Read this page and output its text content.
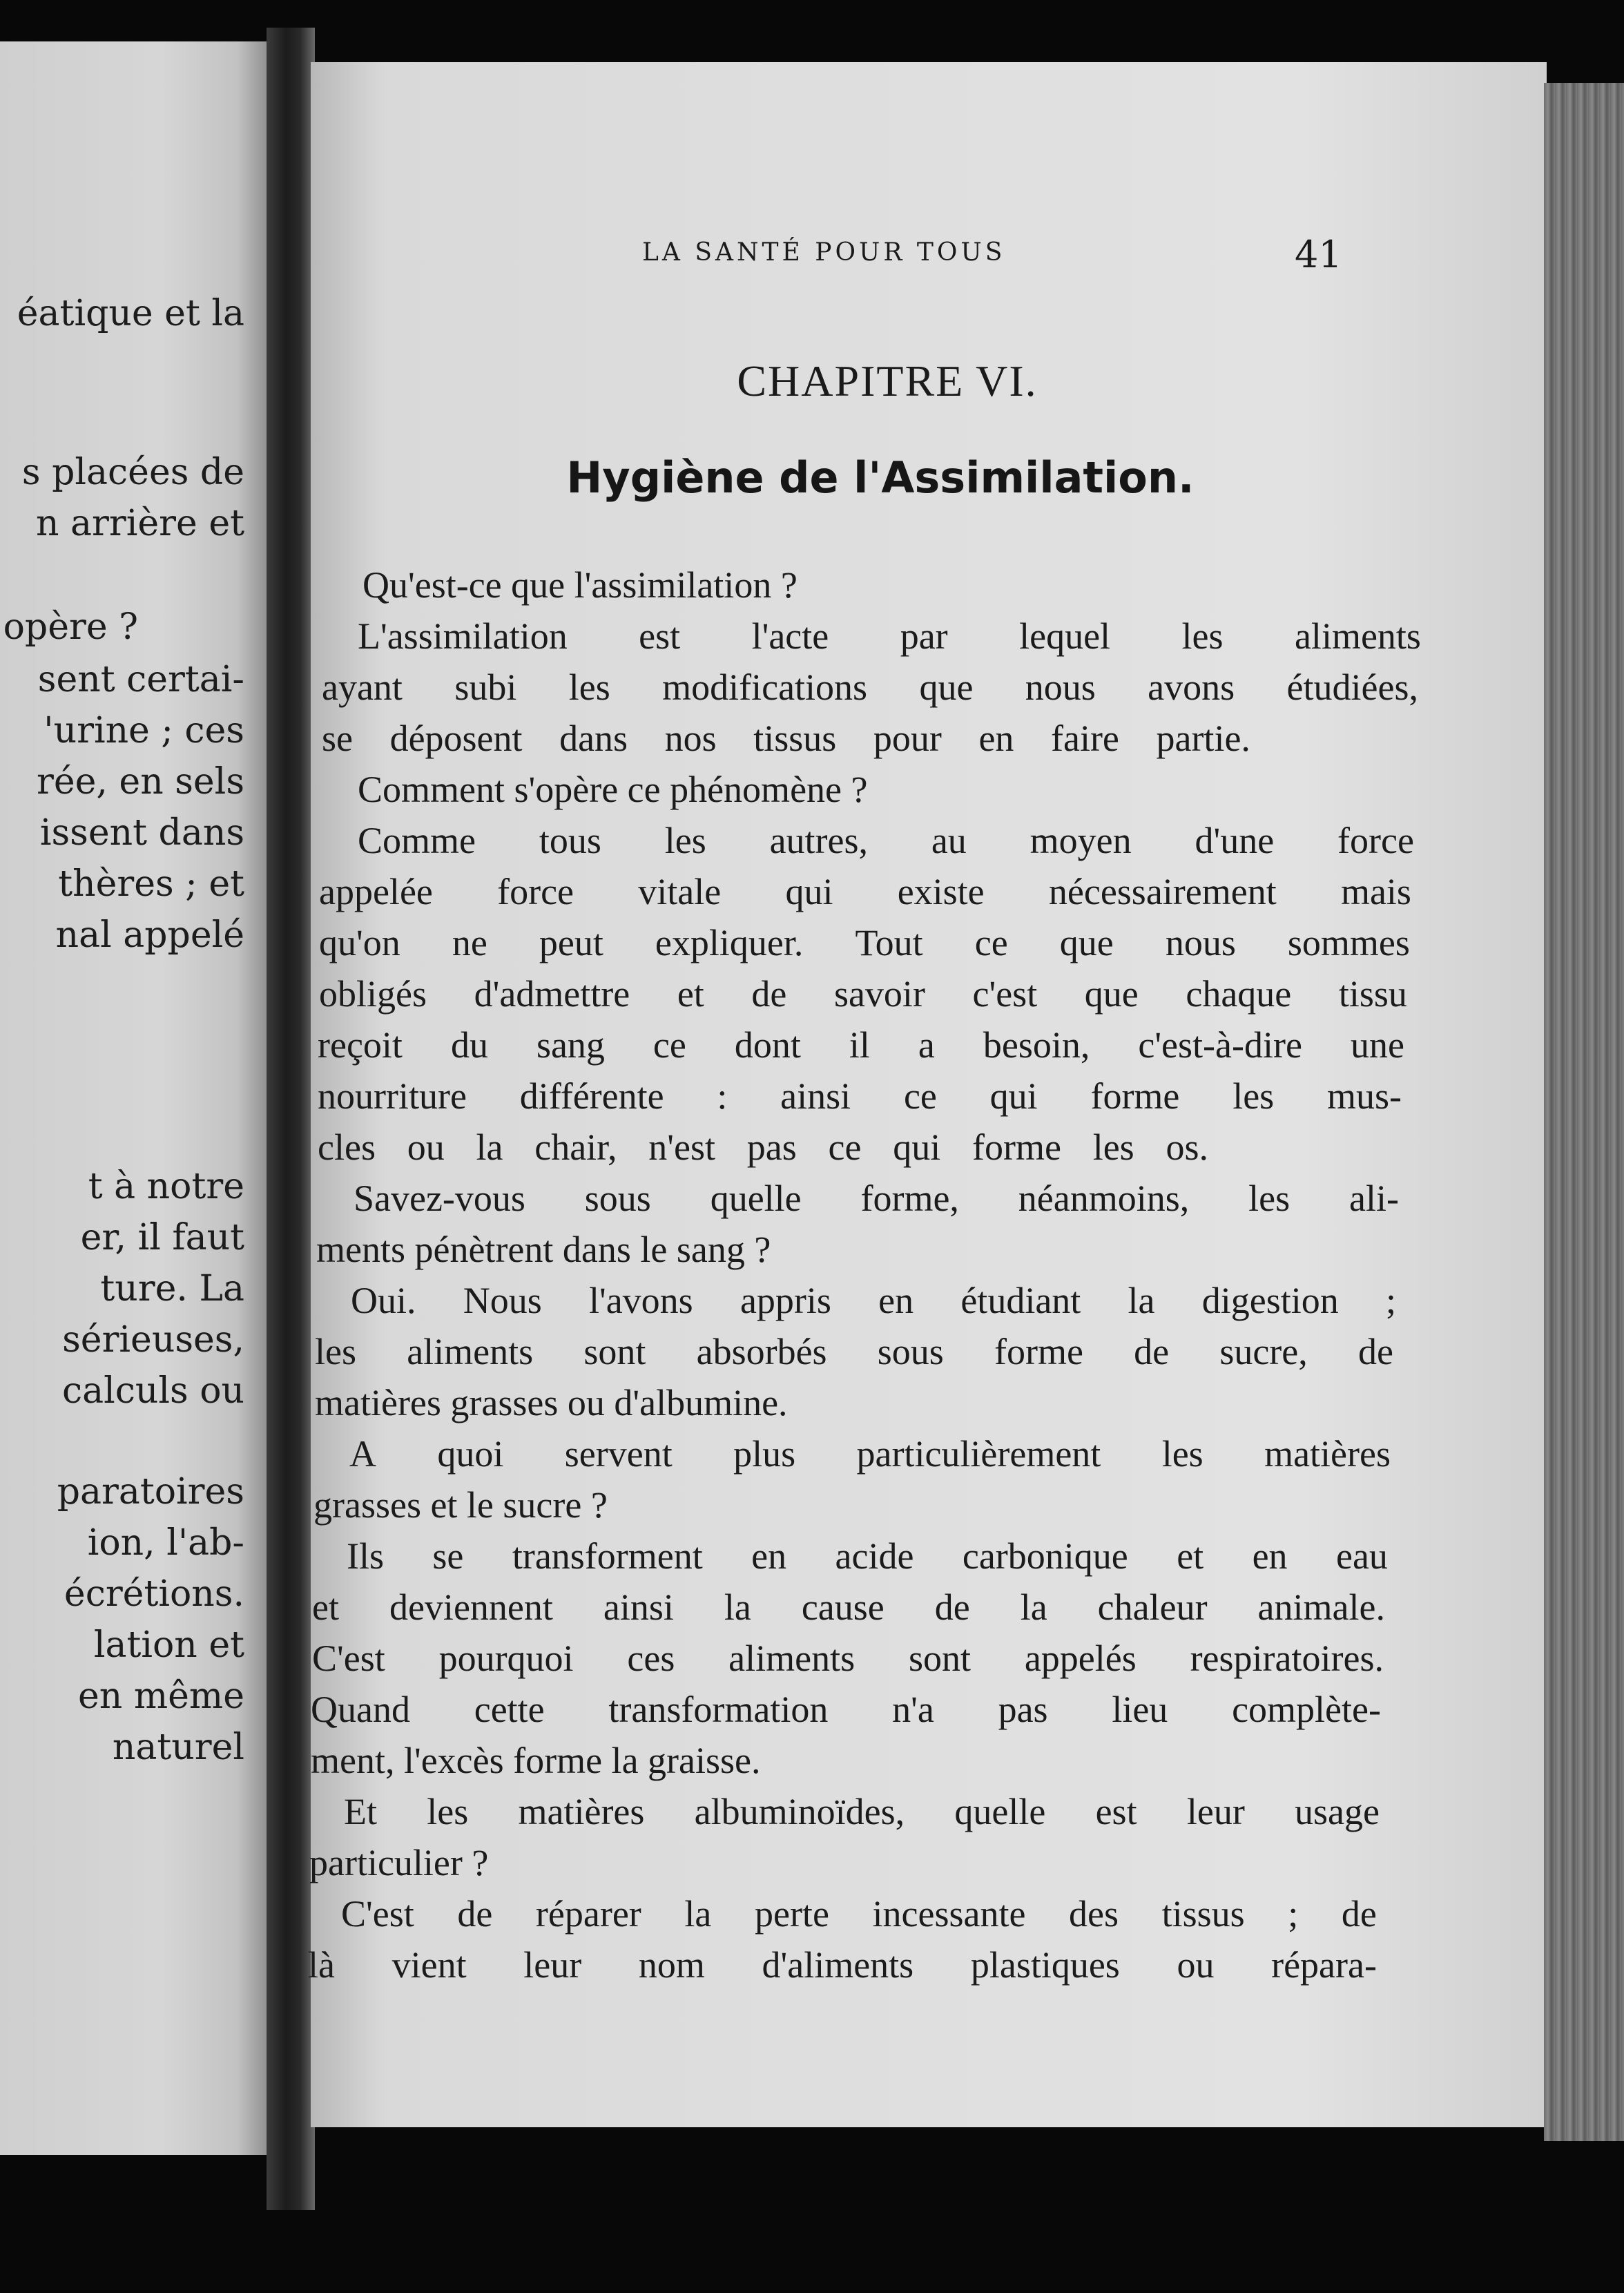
éatique et la
s placées de
n arrière et
opère ?
sent certai-
'urine ; ces
rée, en sels
issent dans
thères ; et
nal appelé
t à notre
er, il faut
ture. La
sérieuses,
calculs ou
paratoires
ion, l'ab-
écrétions.
lation et
en même
naturel
LA SANTÉ POUR TOUS	41
CHAPITRE VI.
Hygiène de l'Assimilation.
Qu'est-ce que l'assimilation ?
L'assimilation est l'acte par lequel les aliments
ayant subi les modifications que nous avons étudiées,
se déposent dans nos tissus pour en faire partie.
Comment s'opère ce phénomène ?
Comme tous les autres, au moyen d'une force
appelée force vitale qui existe nécessairement mais
qu'on ne peut expliquer. Tout ce que nous sommes
obligés d'admettre et de savoir c'est que chaque tissu
reçoit du sang ce dont il a besoin, c'est-à-dire une
nourriture différente : ainsi ce qui forme les mus-
cles ou la chair, n'est pas ce qui forme les os.
Savez-vous sous quelle forme, néanmoins, les ali-
ments pénètrent dans le sang ?
Oui. Nous l'avons appris en étudiant la digestion ;
les aliments sont absorbés sous forme de sucre, de
matières grasses ou d'albumine.
A quoi servent plus particulièrement les matières
grasses et le sucre ?
Ils se transforment en acide carbonique et en eau
et deviennent ainsi la cause de la chaleur animale.
C'est pourquoi ces aliments sont appelés respiratoires.
Quand cette transformation n'a pas lieu complète-
ment, l'excès forme la graisse.
Et les matières albuminoïdes, quelle est leur usage
particulier ?
C'est de réparer la perte incessante des tissus ; de
là vient leur nom d'aliments plastiques ou répara-
